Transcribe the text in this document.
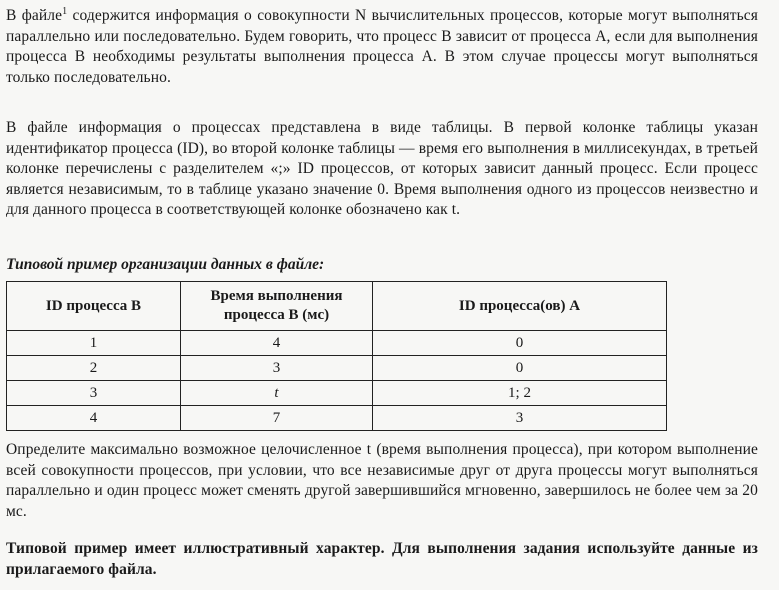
В файле$^1$ содержится информация о совокупности N вычислительных процессов, которые могут выполняться параллельно или последовательно. Будем говорить, что процесс B зависит от процесса A, если для выполнения процесса B необходимы результаты выполнения процесса A. В этом случае процессы могут выполняться только последовательно.
В файле информация о процессах представлена в виде таблицы. В первой колонке таблицы указан идентификатор процесса (ID), во второй колонке таблицы — время его выполнения в миллисекундах, в третьей колонке перечислены с разделителем «;» ID процессов, от которых зависит данный процесс. Если процесс является независимым, то в таблице указано значение 0. Время выполнения одного из процессов неизвестно и для данного процесса в соответствующей колонке обозначено как t.
Типовой пример организации данных в файле:
ID процесса B	Время выполнения процесса B (мс)	ID процесса(ов) A
1	4	0
2	3	0
3	t	1; 2
4	7	3
Определите максимально возможное целочисленное t (время выполнения процесса), при котором выполнение всей совокупности процессов, при условии, что все независимые друг от друга процессы могут выполняться параллельно и один процесс может сменять другой завершившийся мгновенно, завершилось не более чем за 20 мс.
Типовой пример имеет иллюстративный характер. Для выполнения задания используйте данные из прилагаемого файла.
